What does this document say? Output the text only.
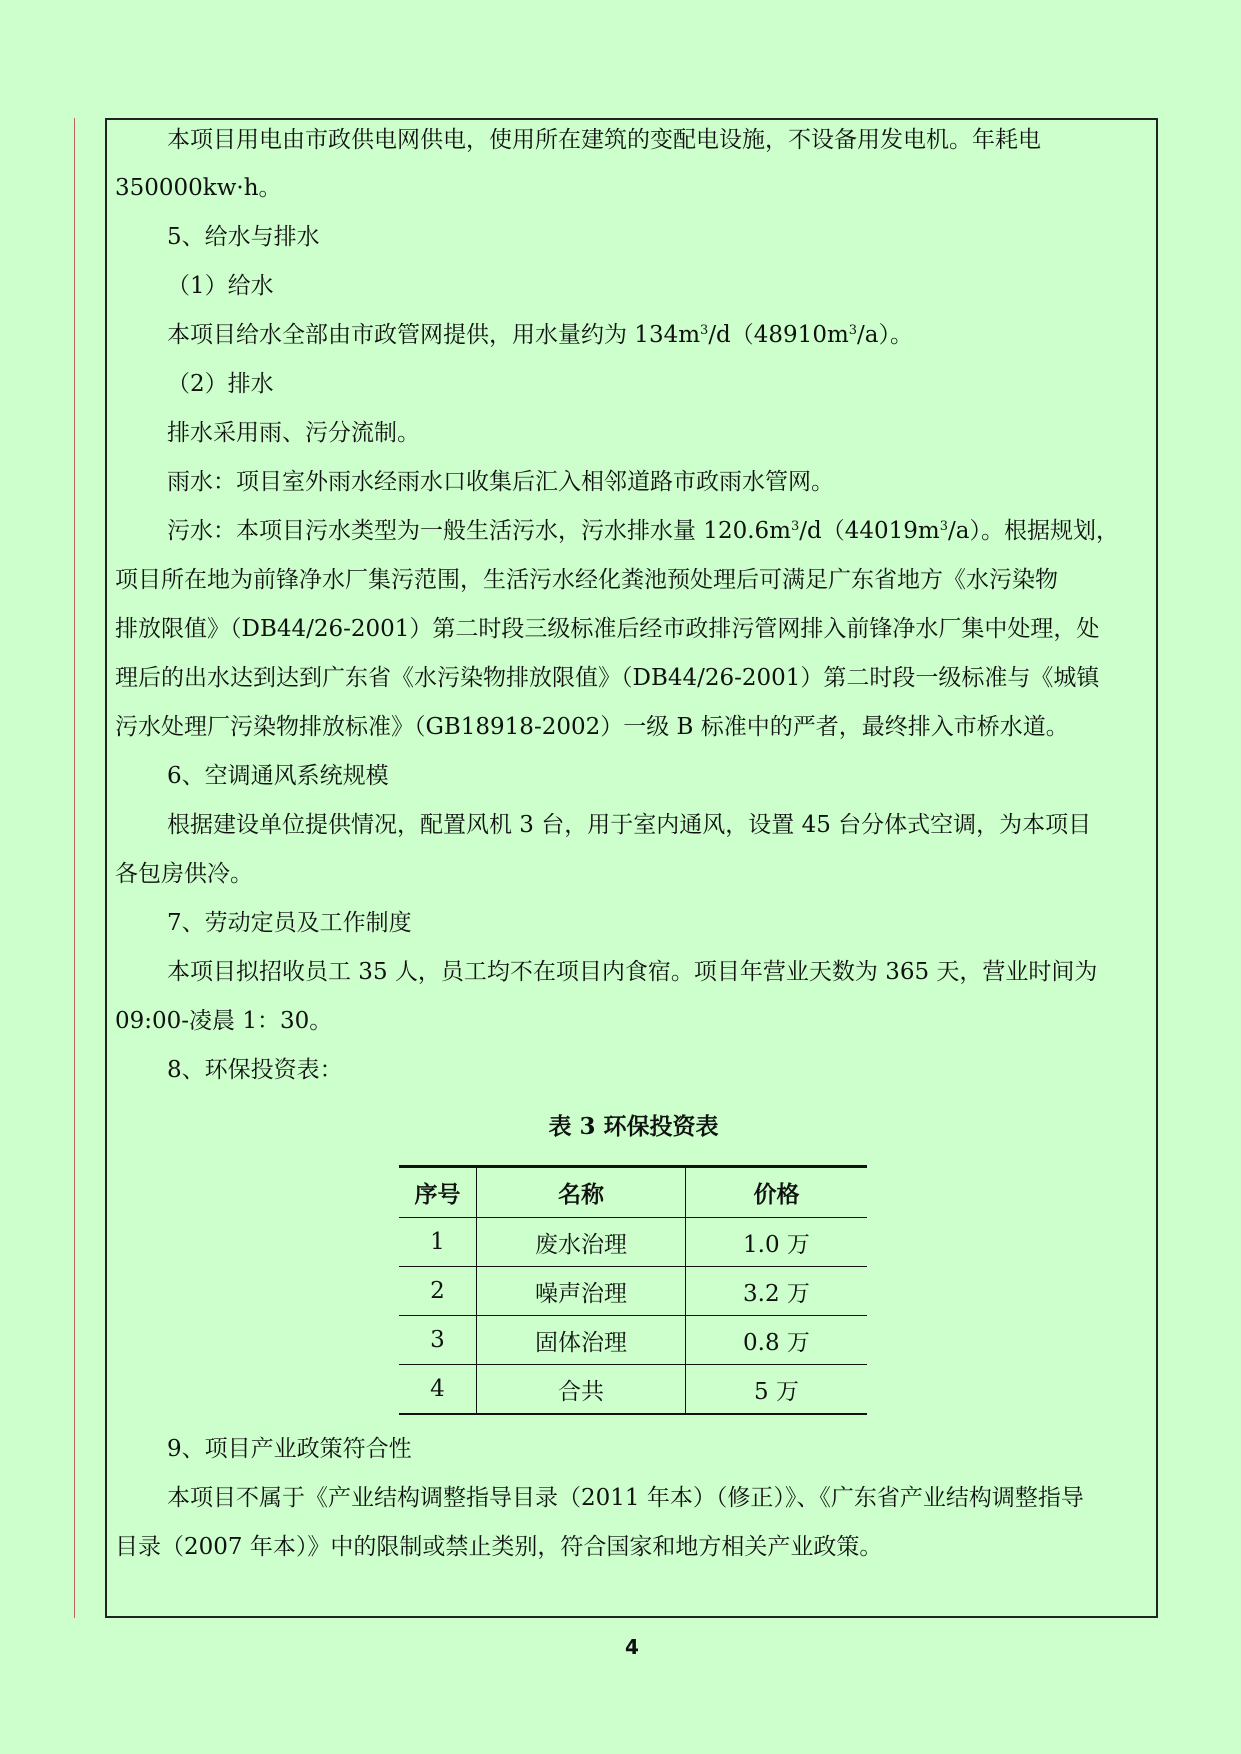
本项目用电由市政供电网供电，使用所在建筑的变配电设施，不设备用发电机。年耗电
350000kw·h。
5、给水与排水
（1）给水
本项目给水全部由市政管网提供，用水量约为 $134m^3/d(48910m^3/a)$。
（2）排水
排水采用雨、污分流制。
雨水：项目室外雨水经雨水口收集后汇入相邻道路市政雨水管网。
污水：本项目污水类型为一般生活污水，污水排水量 $120.6m^3/d(44019m^3/a)$。根据规划，
项目所在地为前锋净水厂集污范围，生活污水经化粪池预处理后可满足广东省地方《水污染物
排放限值》（DB44/26-2001）第二时段三级标准后经市政排污管网排入前锋净水厂集中处理，处
理后的出水达到达到广东省《水污染物排放限值》（DB44/26-2001）第二时段一级标准与《城镇
污水处理厂污染物排放标准》（GB18918-2002）一级 B 标准中的严者，最终排入市桥水道。
6、空调通风系统规模
根据建设单位提供情况，配置风机 3 台，用于室内通风，设置 45 台分体式空调，为本项目
各包房供冷。
7、劳动定员及工作制度
本项目拟招收员工 35 人，员工均不在项目内食宿。项目年营业天数为 365 天，营业时间为
09:00-凌晨 1：30。
8、环保投资表：
表 3 环保投资表
序号	名称	价格
1	废水治理	1.0 万
2	噪声治理	3.2 万
3	固体治理	0.8 万
4	合共	5 万
9、项目产业政策符合性
本项目不属于《产业结构调整指导目录（2011 年本）（修正）》、《广东省产业结构调整指导
目录（2007 年本）》中的限制或禁止类别，符合国家和地方相关产业政策。
4
